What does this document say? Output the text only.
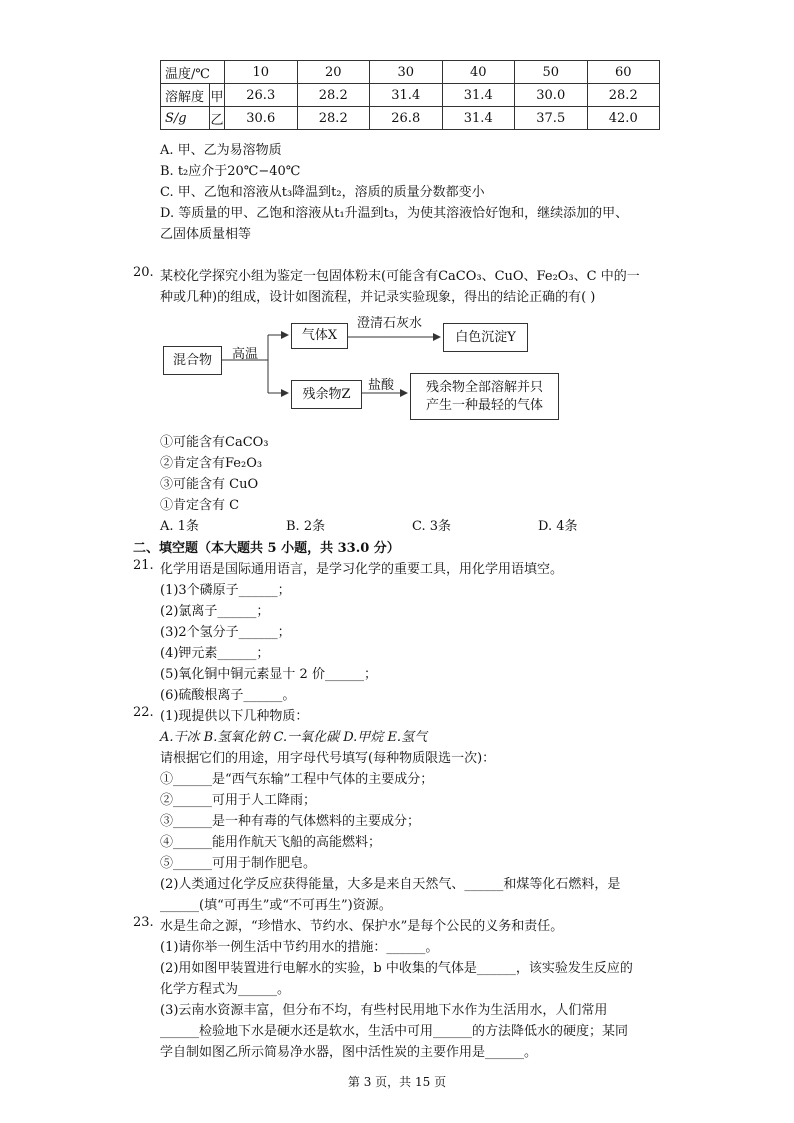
温度/℃		10	20	30	40	50	60
溶解度	甲	26.3	28.2	31.4	31.4	30.0	28.2
S/g	乙	30.6	28.2	26.8	31.4	37.5	42.0
A. 甲、乙为易溶物质
B. t₂应介于20℃−40℃
C. 甲、乙饱和溶液从t₃降温到t₂，溶质的质量分数都变小
D. 等质量的甲、乙饱和溶液从t₁升温到t₃，为使其溶液恰好饱和，继续添加的甲、
乙固体质量相等
20. 某校化学探究小组为鉴定一包固体粉末(可能含有CaCO₃、CuO、Fe₂O₃、C 中的一
种或几种)的组成，设计如图流程，并记录实验现象，得出的结论正确的有( )
混合物	高温
气体X
澄清石灰水
白色沉淀Y
残余物Z
盐酸 残余物全部溶解并只
产生一种最轻的气体
①可能含有CaCO₃
②肯定含有Fe₂O₃
③可能含有 CuO
①肯定含有 C
A. 1条	B. 2条	C. 3条	D. 4条
二、填空题（本大题共 5 小题，共 33.0 分）
21. 化学用语是国际通用语言，是学习化学的重要工具，用化学用语填空。
(1)3个磷原子______；
(2)氯离子______；
(3)2个氢分子______；
(4)钾元素______；
(5)氧化铜中铜元素显十 2 价______；
(6)硫酸根离子______。
22. (1)现提供以下几种物质：
A.干冰 B.氢氧化钠 C.一氧化碳 D.甲烷 E.氢气
请根据它们的用途，用字母代号填写(每种物质限选一次)：
①______是“西气东输”工程中气体的主要成分；
②______可用于人工降雨；
③______是一种有毒的气体燃料的主要成分；
④______能用作航天飞船的高能燃料；
⑤______可用于制作肥皂。
(2)人类通过化学反应获得能量，大多是来自天然气、______和煤等化石燃料，是
______(填“可再生”或“不可再生”)资源。
23. 水是生命之源，“珍惜水、节约水、保护水”是每个公民的义务和责任。
(1)请你举一例生活中节约用水的措施：______。
(2)用如图甲装置进行电解水的实验，b 中收集的气体是______，该实验发生反应的
化学方程式为______。
(3)云南水资源丰富，但分布不均，有些村民用地下水作为生活用水，人们常用
______检验地下水是硬水还是软水，生活中可用______的方法降低水的硬度；某同
学自制如图乙所示简易净水器，图中活性炭的主要作用是______。
第 3 页，共 15 页
